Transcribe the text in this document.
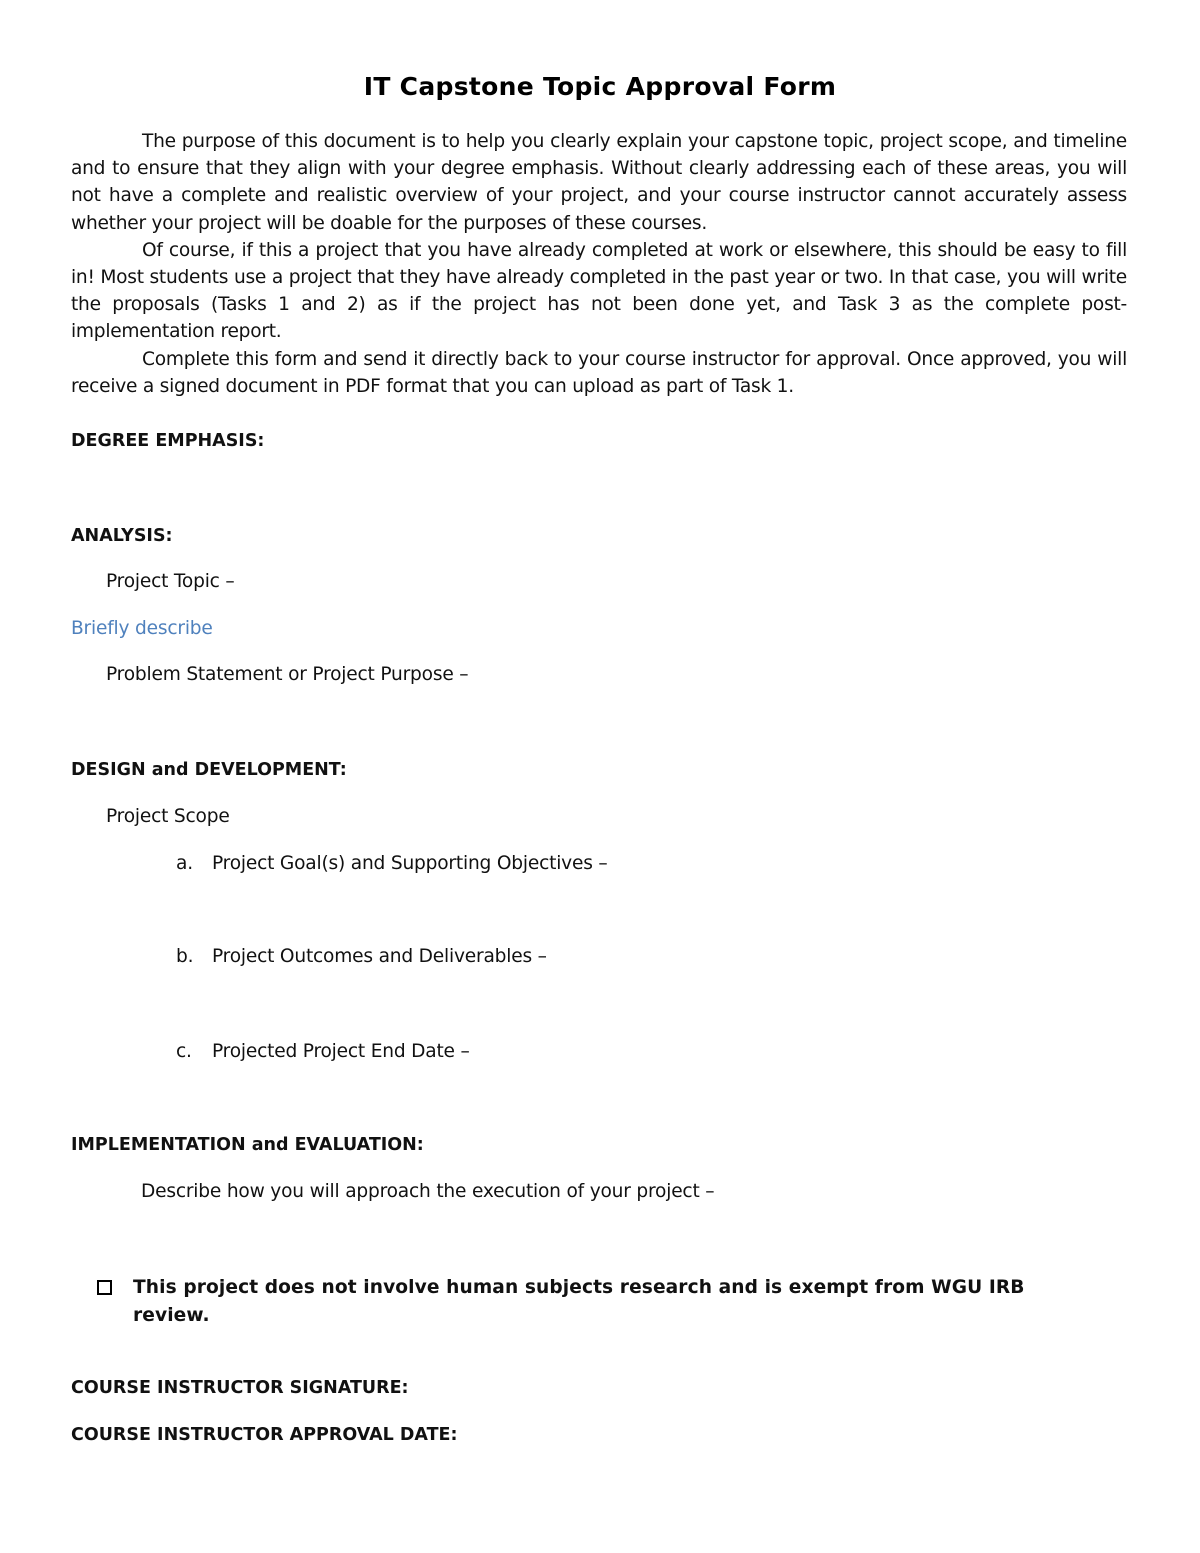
IT Capstone Topic Approval Form

The purpose of this document is to help you clearly explain your capstone topic, project scope, and timeline and to ensure that they align with your degree emphasis. Without clearly addressing each of these areas, you will not have a complete and realistic overview of your project, and your course instructor cannot accurately assess whether your project will be doable for the purposes of these courses.

Of course, if this a project that you have already completed at work or elsewhere, this should be easy to fill in! Most students use a project that they have already completed in the past year or two. In that case, you will write the proposals (Tasks 1 and 2) as if the project has not been done yet, and Task 3 as the complete post-implementation report.

Complete this form and send it directly back to your course instructor for approval. Once approved, you will receive a signed document in PDF format that you can upload as part of Task 1.

DEGREE EMPHASIS:
ANALYSIS:
Project Topic –
Briefly describe
Problem Statement or Project Purpose –
DESIGN and DEVELOPMENT:
Project Scope
a. Project Goal(s) and Supporting Objectives –
b. Project Outcomes and Deliverables –
c. Projected Project End Date –
IMPLEMENTATION and EVALUATION:
Describe how you will approach the execution of your project –
This project does not involve human subjects research and is exempt from WGU IRB review.
COURSE INSTRUCTOR SIGNATURE:
COURSE INSTRUCTOR APPROVAL DATE:
